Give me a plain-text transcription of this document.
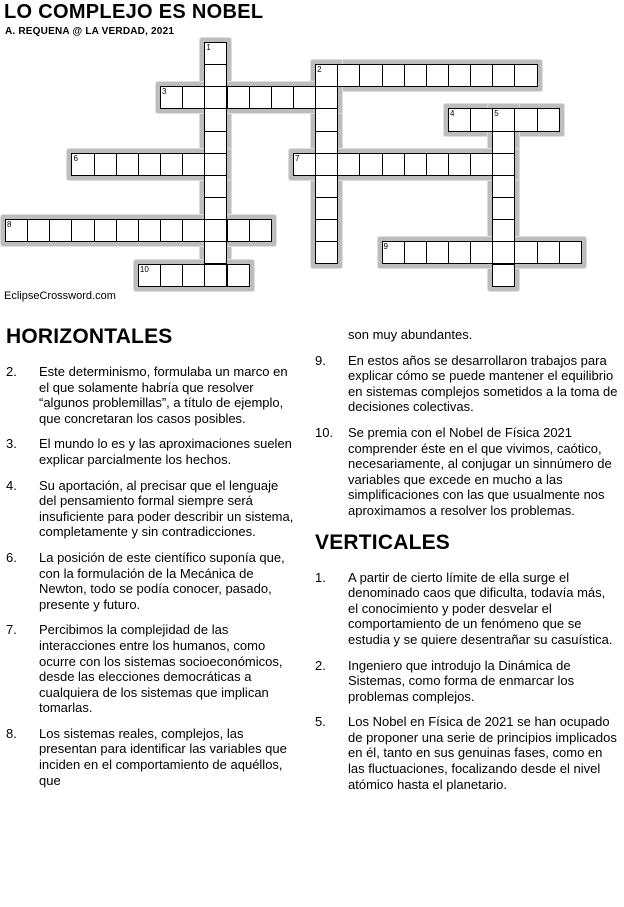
LO COMPLEJO ES NOBEL
A. REQUENA @ LA VERDAD, 2021
1
2
3
4	5
6	7
8
9
10
EclipseCrossword.com
HORIZONTALES
2.	Este determinismo, formulaba un marco en el que solamente habría que resolver “algunos problemillas”, a título de ejemplo, que concretaran los casos posibles.
3.	El mundo lo es y las aproximaciones suelen explicar parcialmente los hechos.
4.	Su aportación, al precisar que el lenguaje del pensamiento formal siempre será insuficiente para poder describir un sistema, completamente y sin contradicciones.
6.	La posición de este científico suponía que, con la formulación de la Mecánica de Newton, todo se podía conocer, pasado, presente y futuro.
7.	Percibimos la complejidad de las interacciones entre los humanos, como ocurre con los sistemas socioeconómicos, desde las elecciones democráticas a cualquiera de los sistemas que implican tomarlas.
8.	Los sistemas reales, complejos, las presentan para identificar las variables que inciden en el comportamiento de aquéllos, que
son muy abundantes.
9.	En estos años se desarrollaron trabajos para explicar cómo se puede mantener el equilibrio en sistemas complejos sometidos a la toma de decisiones colectivas.
10.	Se premia con el Nobel de Física 2021 comprender éste en el que vivimos, caótico, necesariamente, al conjugar un sinnúmero de variables que excede en mucho a las simplificaciones con las que usualmente nos aproximamos a resolver los problemas.
VERTICALES
1.	A partir de cierto límite de ella surge el denominado caos que dificulta, todavía más, el conocimiento y poder desvelar el comportamiento de un fenómeno que se estudia y se quiere desentrañar su casuística.
2.	Ingeniero que introdujo la Dinámica de Sistemas, como forma de enmarcar los problemas complejos.
5.	Los Nobel en Física de 2021 se han ocupado de proponer una serie de principios implicados en él, tanto en sus genuinas fases, como en las fluctuaciones, focalizando desde el nivel atómico hasta el planetario.
